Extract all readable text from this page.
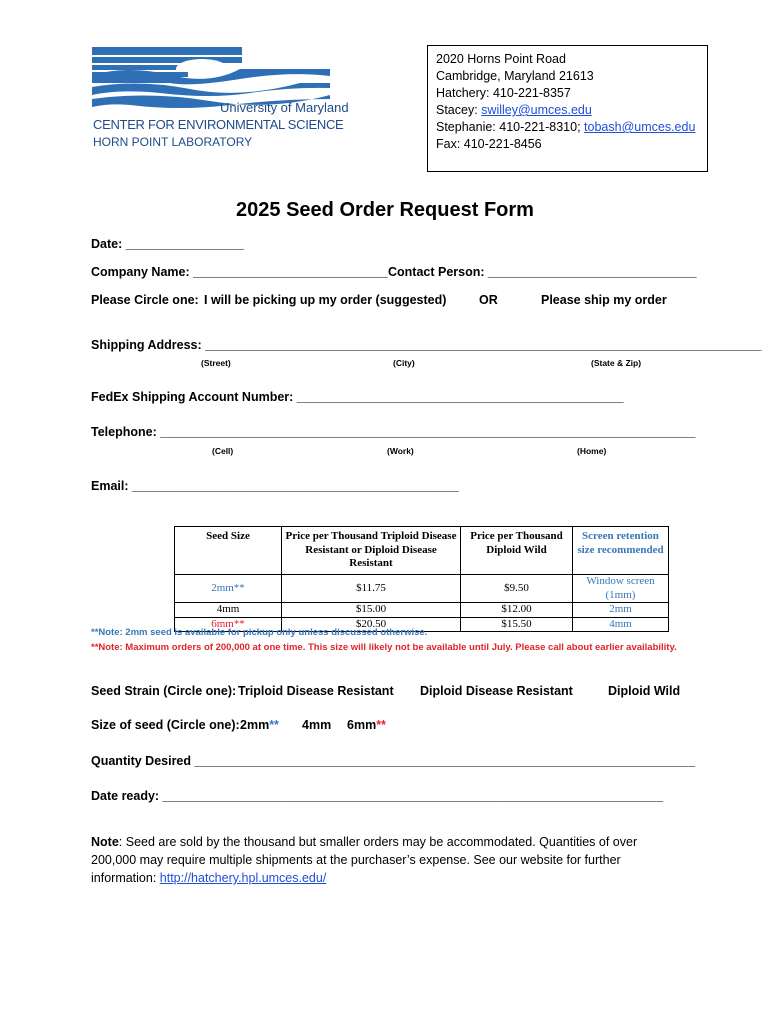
University of Maryland
CENTER FOR ENVIRONMENTAL SCIENCE
HORN POINT LABORATORY
2020 Horns Point Road
Cambridge, Maryland 21613
Hatchery: 410-221-8357
Stacey: swilley@umces.edu
Stephanie: 410-221-8310; tobash@umces.edu
Fax: 410-221-8456
2025 Seed Order Request Form
Date: _________________
Company Name: ____________________________ Contact Person: ______________________________
Please Circle one: I will be picking up my order (suggested)	OR	Please ship my order
Shipping Address: ________________________________________________________________________________
(Street)	(City)	(State & Zip)
FedEx Shipping Account Number: _______________________________________________
Telephone: _____________________________________________________________________________
(Cell)	(Work)	(Home)
Email: _______________________________________________
Seed Size	Price per Thousand Triploid Disease Resistant or Diploid Disease Resistant	Price per Thousand Diploid Wild	Screen retention size recommended
2mm**	$11.75	$9.50	Window screen (1mm)
4mm	$15.00	$12.00	2mm
6mm**	$20.50	$15.50	4mm
**Note: 2mm seed is available for pickup only unless discussed otherwise.
**Note: Maximum orders of 200,000 at one time. This size will likely not be available until July. Please call about earlier availability.
Seed Strain (Circle one): Triploid Disease Resistant Diploid Disease Resistant	Diploid Wild
Size of seed (Circle one): 2mm** 4mm 6mm**
Quantity Desired ________________________________________________________________________
Date ready: ________________________________________________________________________
Note: Seed are sold by the thousand but smaller orders may be accommodated. Quantities of over 200,000 may require multiple shipments at the purchaser’s expense. See our website for further information: http://hatchery.hpl.umces.edu/
